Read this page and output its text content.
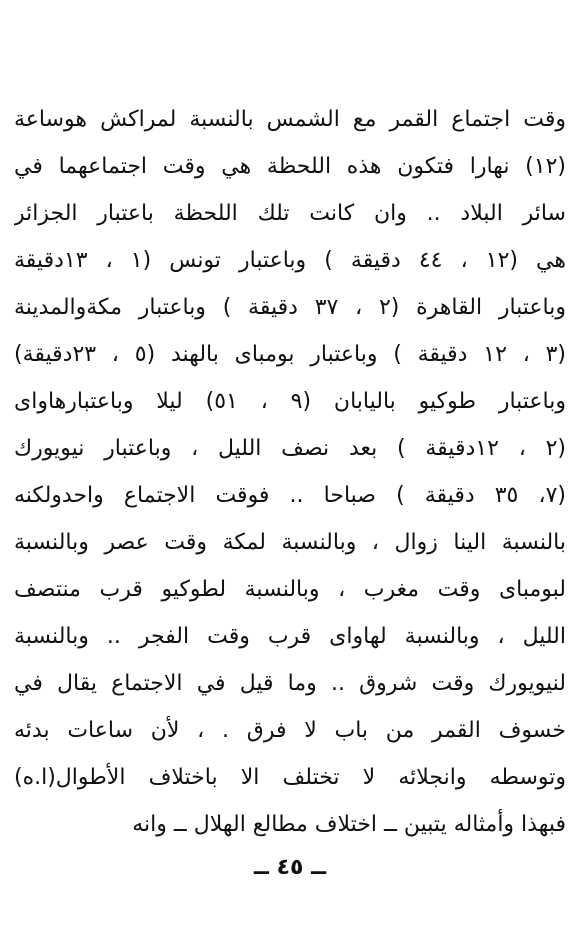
وقت اجتماع القمر مع الشمس بالنسبة لمراكش هوساعة
(١٢) نهارا فتكون هذه اللحظة هي وقت اجتماعهما في
سائر البلاد .. وان كانت تلك اللحظة باعتبار الجزائر
هي (١٢ ، ٤٤ دقيقة ) وباعتبار تونس (١ ، ١٣دقيقة
وباعتبار القاهرة (٢ ، ٣٧ دقيقة ) وباعتبار مكةوالمدينة
(٣ ، ١٢ دقيقة ) وباعتبار بومباى بالهند (٥ ، ٢٣دقيقة)
وباعتبار طوكيو باليابان (٩ ، ٥١) ليلا وباعتبارهاواى
(٢ ، ١٢دقيقة ) بعد نصف الليل ، وباعتبار نيويورك
(٧، ٣٥ دقيقة ) صباحا .. فوقت الاجتماع واحدولكنه
بالنسبة الينا زوال ، وبالنسبة لمكة وقت عصر وبالنسبة
لبومباى وقت مغرب ، وبالنسبة لطوكيو قرب منتصف
الليل ، وبالنسبة لهاواى قرب وقت الفجر .. وبالنسبة
لنيويورك وقت شروق .. وما قيل في الاجتماع يقال في
خسوف القمر من باب لا فرق . ، لأن ساعات بدئه
وتوسطه وانجلائه لا تختلف الا باختلاف الأطوال(ا.ه)
فبهذا وأمثاله يتبين ــ اختلاف مطالع الهلال ــ وانه
ــ ٤٥ ــ
